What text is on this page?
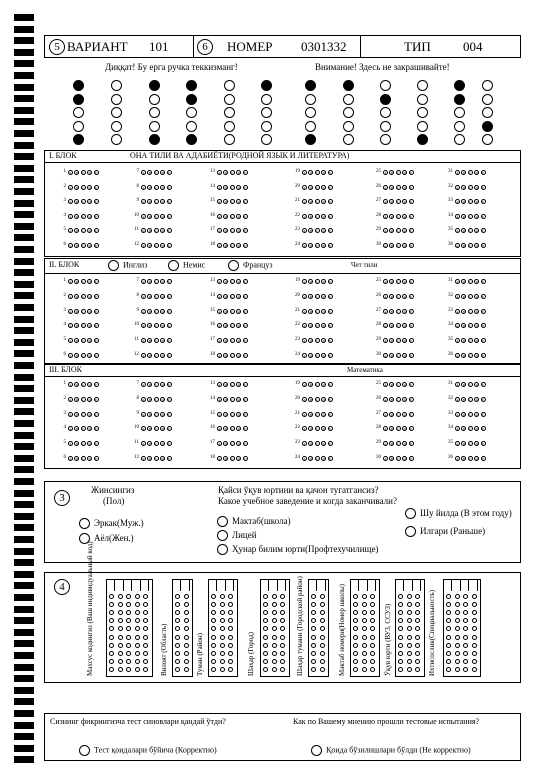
5 ВАРИАНТ 101	6	НОМЕР 0301332	ТИП 004
Диққат! Бу ерга ручка теккизманг!	Внимание! Здесь не закрашивайте!
I. БЛОК	ОНА ТИЛИ ВА АДАБИЁТИ(РОДНОЙ ЯЗЫК И ЛИТЕРАТУРА)
1	A	B	C	D	E
2	A	B	C	D	E
3	A	B	C	D	E
4	A	B	C	D	E
5	A	B	C	D	E
6	A	B	C	D	E
7	A	B	C	D	E
8	A	B	C	D	E
9	A	B	C	D	E
10	A	B	C	D	E
11	A	B	C	D	E
12	A	B	C	D	E
13	A	B	C	D	E
14	A	B	C	D	E
15	A	B	C	D	E
16	A	B	C	D	E
17	A	B	C	D	E
18	A	B	C	D	E
19	A	B	C	D	E
20	A	B	C	D	E
21	A	B	C	D	E
22	A	B	C	D	E
23	A	B	C	D	E
24	A	B	C	D	E
25	A	B	C	D	E
26	A	B	C	D	E
27	A	B	C	D	E
28	A	B	C	D	E
29	A	B	C	D	E
30	A	B	C	D	E
31	A	B	C	D	E
32	A	B	C	D	E
33	A	B	C	D	E
34	A	B	C	D	E
35	A	B	C	D	E
36	A	B	C	D	E
II. БЛОК	Инглиз	Немис	Француз	Чет тили
1	A	B	C	D	E
2	A	B	C	D	E
3	A	B	C	D	E
4	A	B	C	D	E
5	A	B	C	D	E
6	A	B	C	D	E
7	A	B	C	D	E
8	A	B	C	D	E
9	A	B	C	D	E
10	A	B	C	D	E
11	A	B	C	D	E
12	A	B	C	D	E
13	A	B	C	D	E
14	A	B	C	D	E
15	A	B	C	D	E
16	A	B	C	D	E
17	A	B	C	D	E
18	A	B	C	D	E
19	A	B	C	D	E
20	A	B	C	D	E
21	A	B	C	D	E
22	A	B	C	D	E
23	A	B	C	D	E
24	A	B	C	D	E
25	A	B	C	D	E
26	A	B	C	D	E
27	A	B	C	D	E
28	A	B	C	D	E
29	A	B	C	D	E
30	A	B	C	D	E
31	A	B	C	D	E
32	A	B	C	D	E
33	A	B	C	D	E
34	A	B	C	D	E
35	A	B	C	D	E
36	A	B	C	D	E
III. БЛОК	Математика
1	A	B	C	D	E
2	A	B	C	D	E
3	A	B	C	D	E
4	A	B	C	D	E
5	A	B	C	D	E
6	A	B	C	D	E
7	A	B	C	D	E
8	A	B	C	D	E
9	A	B	C	D	E
10	A	B	C	D	E
11	A	B	C	D	E
12	A	B	C	D	E
13	A	B	C	D	E
14	A	B	C	D	E
15	A	B	C	D	E
16	A	B	C	D	E
17	A	B	C	D	E
18	A	B	C	D	E
19	A	B	C	D	E
20	A	B	C	D	E
21	A	B	C	D	E
22	A	B	C	D	E
23	A	B	C	D	E
24	A	B	C	D	E
25	A	B	C	D	E
26	A	B	C	D	E
27	A	B	C	D	E
28	A	B	C	D	E
29	A	B	C	D	E
30	A	B	C	D	E
31	A	B	C	D	E
32	A	B	C	D	E
33	A	B	C	D	E
34	A	B	C	D	E
35	A	B	C	D	E
36	A	B	C	D	E
3
Жинсингиз
(Пол)
Эркак(Муж.)
Аёл(Жен.)
Қайси ўқув юртини ва қачон тугатгансиз?
Какое учебное заведение и когда заканчивали?
Мактаб(школа)
Лицей
Ҳунар билим юрти(Профтехучилище)
Шу йилда (В этом году)
Илгари (Раньше)
4	Махсус кодингиз (Ваш индивидуальный код)	Вилоят (Область)	Туман (Район)	Шаҳар (Город)	Шаҳар тумани (Городской район)	Мактаб номери(Номер школы)	Ўқув юрти (ВУЗ, ССУЗ)	Ихтисослик(Специальность)
Сизнинг фикрингизча тест синовлари қандай ўтди?	Как по Вашему мнению прошли тестовые испытания?
Тест қоидалари бўйича (Корректно)	Қоида бўзилишлари бўлди (Не корректно)
